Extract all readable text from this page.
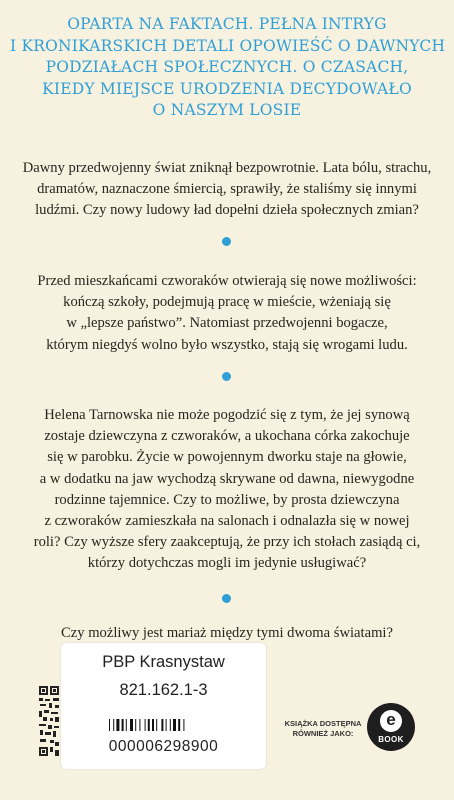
OPARTA NA FAKTACH. PEŁNA INTRYG
I KRONIKARSKICH DETALI OPOWIEŚĆ O DAWNYCH
PODZIAŁACH SPOŁECZNYCH. O CZASACH,
KIEDY MIEJSCE URODZENIA DECYDOWAŁO
O NASZYM LOSIE
Dawny przedwojenny świat zniknął bezpowrotnie. Lata bólu, strachu,
dramatów, naznaczone śmiercią, sprawiły, że staliśmy się innymi
ludźmi. Czy nowy ludowy ład dopełni dzieła społecznych zmian?
Przed mieszkańcami czworaków otwierają się nowe możliwości:
kończą szkoły, podejmują pracę w mieście, wżeniają się
w „lepsze państwo”. Natomiast przedwojenni bogacze,
którym niegdyś wolno było wszystko, stają się wrogami ludu.
Helena Tarnowska nie może pogodzić się z tym, że jej synową
zostaje dziewczyna z czworaków, a ukochana córka zakochuje
się w parobku. Życie w powojennym dworku staje na głowie,
a w dodatku na jaw wychodzą skrywane od dawna, niewygodne
rodzinne tajemnice. Czy to możliwe, by prosta dziewczyna
z czworaków zamieszkała na salonach i odnalazła się w nowej
roli? Czy wyższe sfery zaakceptują, że przy ich stołach zasiądą ci,
którzy dotychczas mogli im jedynie usługiwać?
Czy możliwy jest mariaż między tymi dwoma światami?
PBP Krasnystaw
821.162.1-3
000006298900
KSIĄŻKA DOSTĘPNA
RÓWNIEŻ JAKO:
e
BOOK
